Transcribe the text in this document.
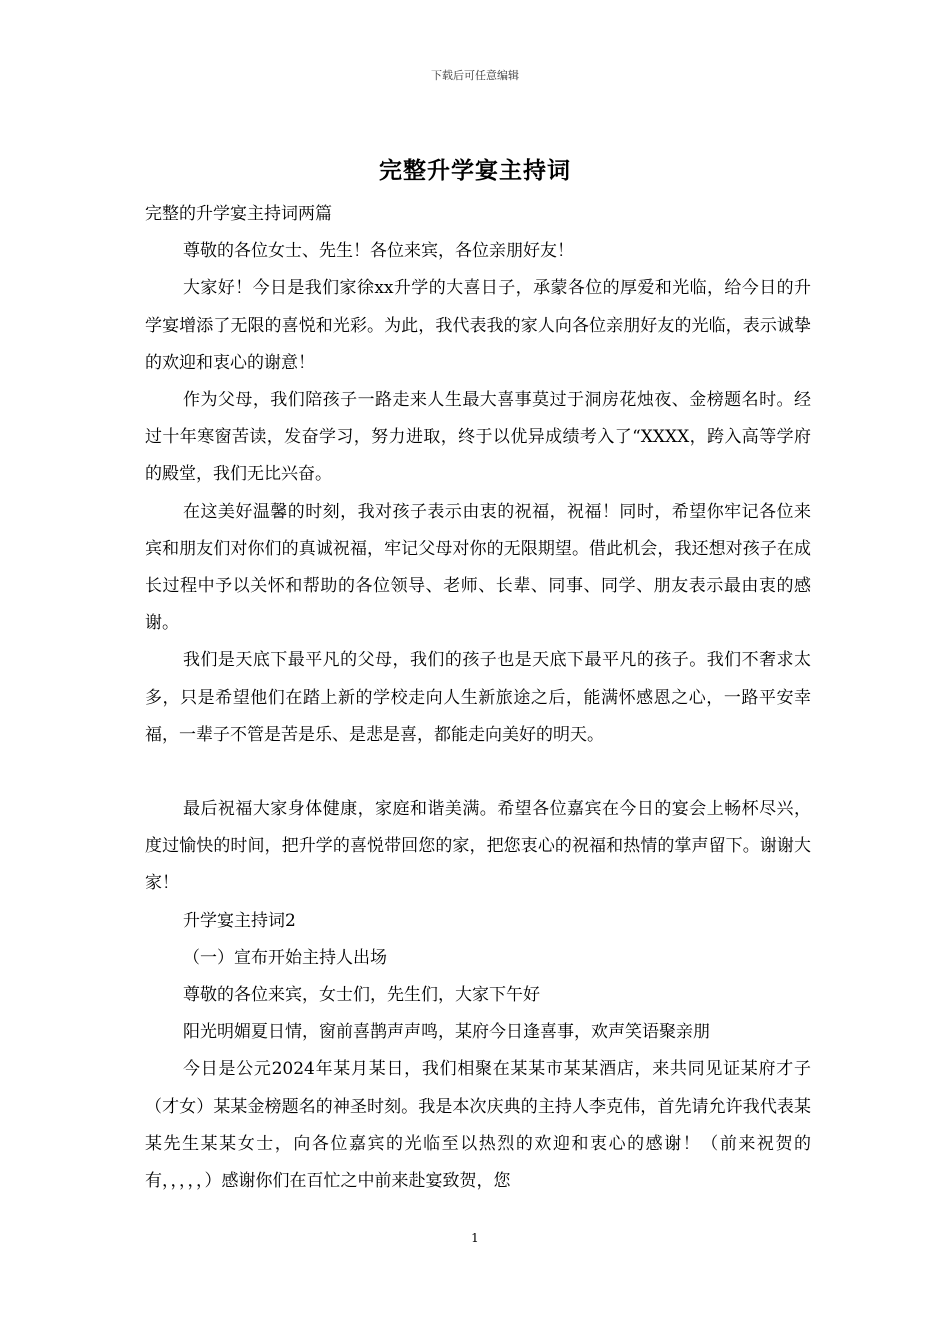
下载后可任意编辑
完整升学宴主持词

完整的升学宴主持词两篇

尊敬的各位女士、先生！各位来宾，各位亲朋好友！

大家好！今日是我们家徐xx升学的大喜日子，承蒙各位的厚爱和光临，给今日的升学宴增添了无限的喜悦和光彩。为此，我代表我的家人向各位亲朋好友的光临，表示诚挚的欢迎和衷心的谢意！

作为父母，我们陪孩子一路走来人生最大喜事莫过于洞房花烛夜、金榜题名时。经过十年寒窗苦读，发奋学习，努力进取，终于以优异成绩考入了“XXXX，跨入高等学府的殿堂，我们无比兴奋。

在这美好温馨的时刻，我对孩子表示由衷的祝福，祝福！同时，希望你牢记各位来宾和朋友们对你们的真诚祝福，牢记父母对你的无限期望。借此机会，我还想对孩子在成长过程中予以关怀和帮助的各位领导、老师、长辈、同事、同学、朋友表示最由衷的感谢。

我们是天底下最平凡的父母，我们的孩子也是天底下最平凡的孩子。我们不奢求太多，只是希望他们在踏上新的学校走向人生新旅途之后，能满怀感恩之心，一路平安幸福，一辈子不管是苦是乐、是悲是喜，都能走向美好的明天。

最后祝福大家身体健康，家庭和谐美满。希望各位嘉宾在今日的宴会上畅杯尽兴，度过愉快的时间，把升学的喜悦带回您的家，把您衷心的祝福和热情的掌声留下。谢谢大家！

升学宴主持词2

（一）宣布开始主持人出场

尊敬的各位来宾，女士们，先生们，大家下午好

阳光明媚夏日情，窗前喜鹊声声鸣，某府今日逢喜事，欢声笑语聚亲朋

今日是公元2024年某月某日，我们相聚在某某市某某酒店，来共同见证某府才子（才女）某某金榜题名的神圣时刻。我是本次庆典的主持人李克伟，首先请允许我代表某某先生某某女士，向各位嘉宾的光临至以热烈的欢迎和衷心的感谢！（前来祝贺的有，，，，，）感谢你们在百忙之中前来赴宴致贺，您

1
